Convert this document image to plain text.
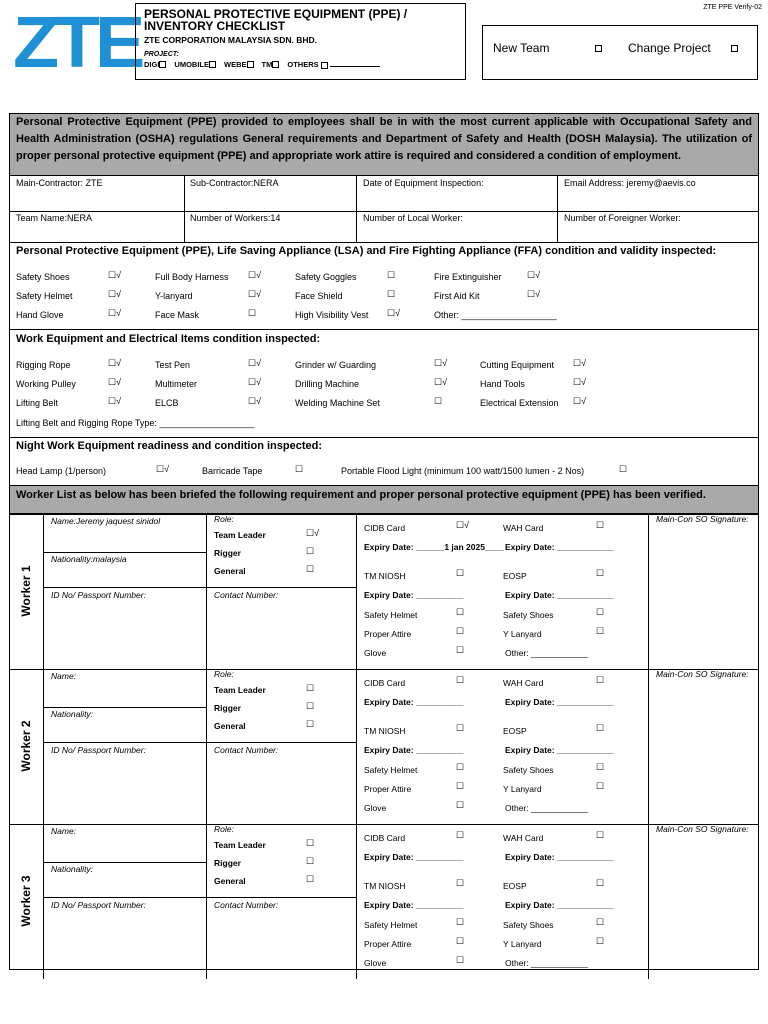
ZTE PERSONAL PROTECTIVE EQUIPMENT (PPE) /
INVENTORY CHECKLIST
ZTE CORPORATION MALAYSIA SDN. BHD.
PROJECT:
DIGI	UMOBILE	WEBE	TM	OTHERS
ZTE PPE Verify-02
New Team	Change Project
Personal Protective Equipment (PPE) provided to employees shall be in with the most current applicable with Occupational Safety and Health Administration (OSHA) regulations General requirements and Department of Safety and Health (DOSH Malaysia). The utilization of proper personal protective equipment (PPE) and appropriate work attire is required and considered a condition of employment.
Main-Contractor: ZTE	Sub-Contractor:NERA	Date of Equipment Inspection:	Email Address: jeremy@aevis.co
Team Name:NERA	Number of Workers:14	Number of Local Worker:	Number of Foreigner Worker:
Personal Protective Equipment (PPE), Life Saving Appliance (LSA) and Fire Fighting Appliance (FFA) condition and validity inspected:
Safety Shoes	☐√	Full Body Harness ☐√	Safety Goggles	☐	Fire Extinguisher	☐√
Safety Helmet	☐√	Y-lanyard	☐√	Face Shield	☐	First Aid Kit	☐√
Hand Glove	☐√	Face Mask	☐	High Visibility Vest ☐√	Other: ___________________
Work Equipment and Electrical Items condition inspected:
Rigging Rope	☐√	Test Pen	☐√	Grinder w/ Guarding	☐√	Cutting Equipment ☐√
Working Pulley	☐√	Multimeter	☐√	Drilling Machine	☐√	Hand Tools	☐√
Lifting Belt	☐√	ELCB	☐√	Welding Machine Set	☐	Electrical Extension ☐√
Lifting Belt and Rigging Rope Type: ___________________
Night Work Equipment readiness and condition inspected:
Head Lamp (1/person)	☐√	Barricade Tape	☐	Portable Flood Light (minimum 100 watt/1500 lumen - 2 Nos)	☐
Worker List as below has been briefed the following requirement and proper personal protective equipment (PPE) has been verified.
Worker 1
Name:Jeremy jaquest sinidol
Nationality:malaysia
ID No/ Passport Number:
Role:
Team Leader	☐√
Rigger	☐
General	☐
Contact Number:
CIDB Card	☐√	WAH Card	☐
Expiry Date: ______1 jan 2025____ Expiry Date: ____________
TM NIOSH	☐	EOSP	☐
Expiry Date: __________	Expiry Date: ____________
Safety Helmet	☐	Safety Shoes	☐
Proper Attire	☐	Y Lanyard	☐
Glove	☐	Other: ____________
Main-Con SO Signature:
Worker 2
Name:
Nationality:
ID No/ Passport Number:
Role:
Team Leader	☐
Rigger	☐
General	☐
Contact Number:
CIDB Card	☐	WAH Card	☐
Expiry Date: __________	Expiry Date: ____________
TM NIOSH	☐	EOSP	☐
Expiry Date: __________	Expiry Date: ____________
Safety Helmet	☐	Safety Shoes	☐
Proper Attire	☐	Y Lanyard	☐
Glove	☐	Other: ____________
Main-Con SO Signature:
Worker 3
Name:
Nationality:
ID No/ Passport Number:
Role:
Team Leader	☐
Rigger	☐
General	☐
Contact Number:
CIDB Card	☐	WAH Card	☐
Expiry Date: __________	Expiry Date: ____________
TM NIOSH	☐	EOSP	☐
Expiry Date: __________	Expiry Date: ____________
Safety Helmet	☐	Safety Shoes	☐
Proper Attire	☐	Y Lanyard	☐
Glove	☐	Other: ____________
Main-Con SO Signature:
